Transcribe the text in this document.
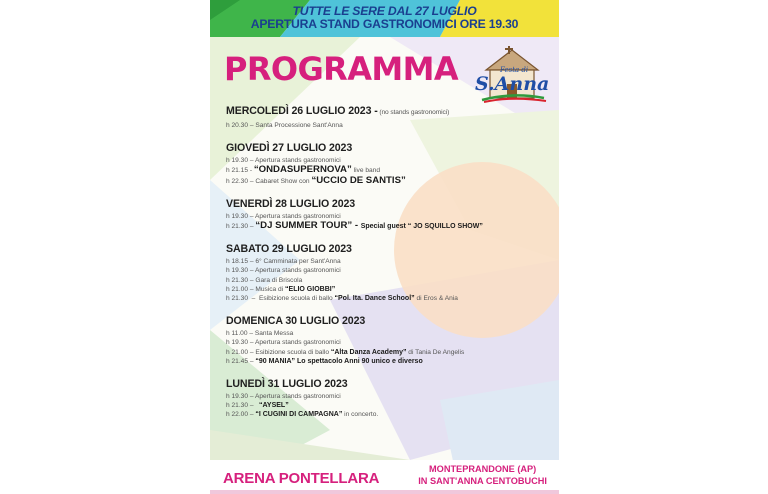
TUTTE LE SERE DAL 27 LUGLIO
APERTURA STAND GASTRONOMICI ORE 19.30
PROGRAMMA	Festa di
S.Anna
MERCOLEDÌ 26 LUGLIO 2023 - (no stands gastronomici)
h 20.30 – Santa Processione Sant'Anna
GIOVEDÌ 27 LUGLIO 2023
h 19.30 – Apertura stands gastronomici
h 21.15 - “ONDASUPERNOVA” live band
h 22.30 – Cabaret Show con “UCCIO DE SANTIS”
VENERDÌ 28 LUGLIO 2023
h 19.30 – Apertura stands gastronomici
h 21.30 – “DJ SUMMER TOUR” - Special guest “ JO SQUILLO SHOW”
SABATO 29 LUGLIO 2023
h 18.15 – 6° Camminata per Sant'Anna
h 19.30 – Apertura stands gastronomici
h 21.30 – Gara di Briscola
h 21.00 – Musica di “ELIO GIOBBI”
h 21.30  –  Esibizione scuola di ballo “Pol. Ita. Dance School” di Eros & Ania
DOMENICA 30 LUGLIO 2023
h 11.00 – Santa Messa
h 19.30 – Apertura stands gastronomici
h 21.00 – Esibizione scuola di ballo “Alta Danza Academy” di Tania De Angelis
h 21.45 – “90 MANIA” Lo spettacolo Anni 90 unico e diverso
LUNEDÌ 31 LUGLIO 2023
h 19.30 – Apertura stands gastronomici
h 21.30 –   “AYSEL”
h 22.00 – “I CUGINI DI CAMPAGNA” in concerto.
ARENA PONTELLARA
MONTEPRANDONE (AP)
IN SANT'ANNA CENTOBUCHI
